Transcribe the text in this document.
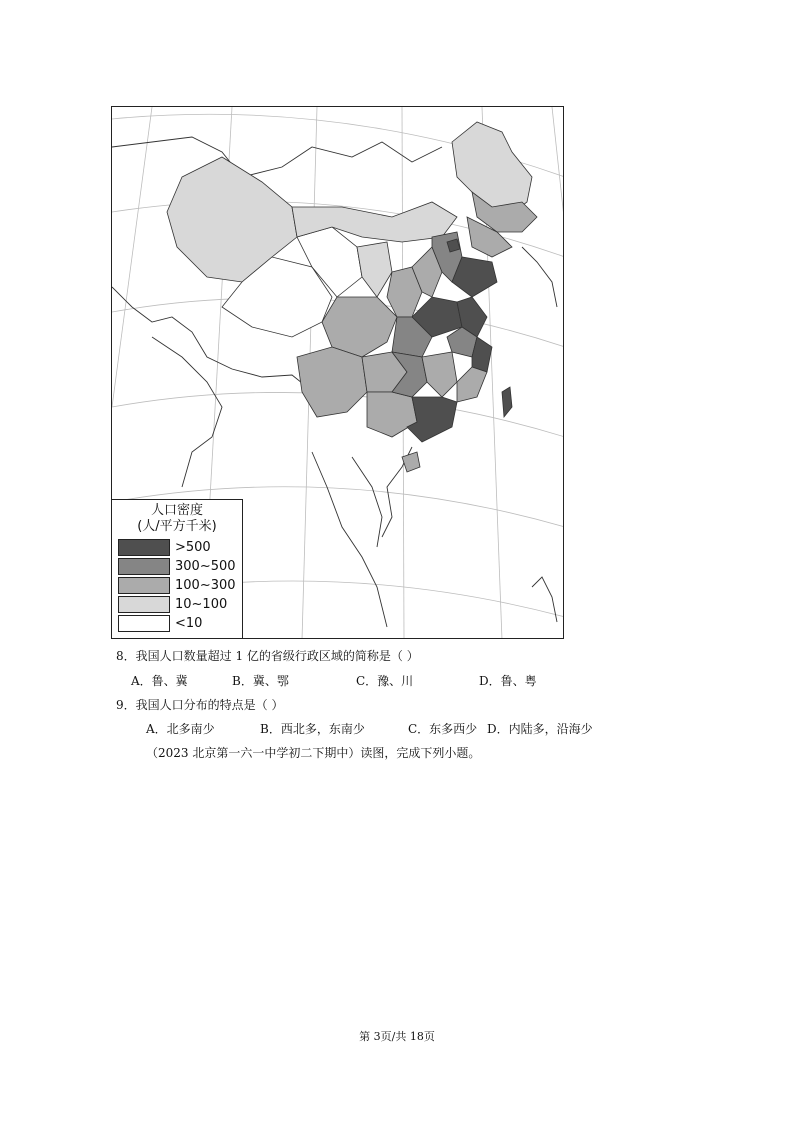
人口密度
(人/平方千米)
>500
300~500
100~300
10~100
<10
8．我国人口数量超过 1 亿的省级行政区域的简称是（ ）
A．鲁、冀	B．冀、鄂	C．豫、川	D．鲁、粤
9．我国人口分布的特点是（ ）
A．北多南少	B．西北多，东南少	C．东多西少 D．内陆多，沿海少
（2023 北京第一六一中学初二下期中）读图，完成下列小题。
第 3页/共 18页
